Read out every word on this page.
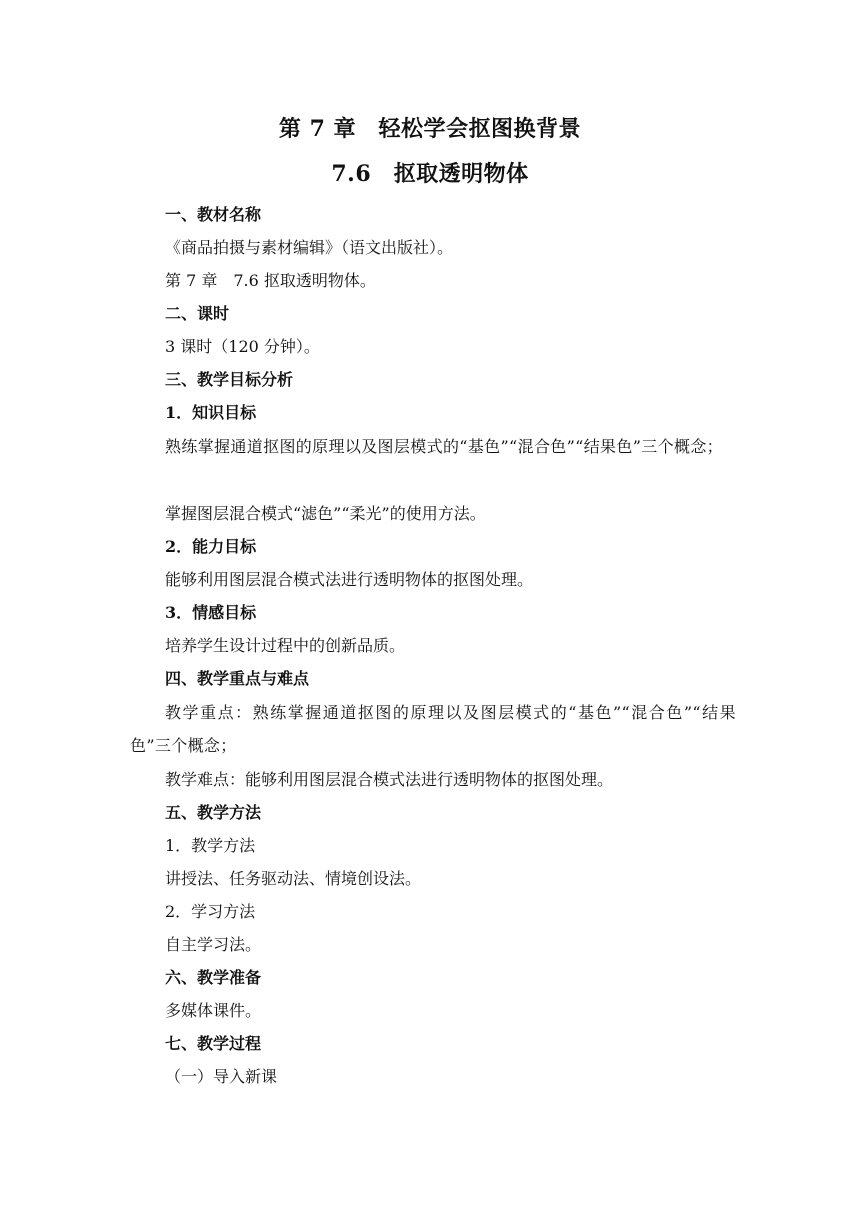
第 7 章　轻松学会抠图换背景
7.6　抠取透明物体
一、教材名称
《商品拍摄与素材编辑》（语文出版社）。
第 7 章　7.6 抠取透明物体。
二、课时
3 课时（120 分钟）。
三、教学目标分析
1．知识目标
熟练掌握通道抠图的原理以及图层模式的“基色”“混合色”“结果色”三个概念；
掌握图层混合模式“滤色”“柔光”的使用方法。
2．能力目标
能够利用图层混合模式法进行透明物体的抠图处理。
3．情感目标
培养学生设计过程中的创新品质。
四、教学重点与难点
教学重点：熟练掌握通道抠图的原理以及图层模式的“基色”“混合色”“结果色”三个概念；
教学难点：能够利用图层混合模式法进行透明物体的抠图处理。
五、教学方法
1．教学方法
讲授法、任务驱动法、情境创设法。
2．学习方法
自主学习法。
六、教学准备
多媒体课件。
七、教学过程
（一）导入新课
